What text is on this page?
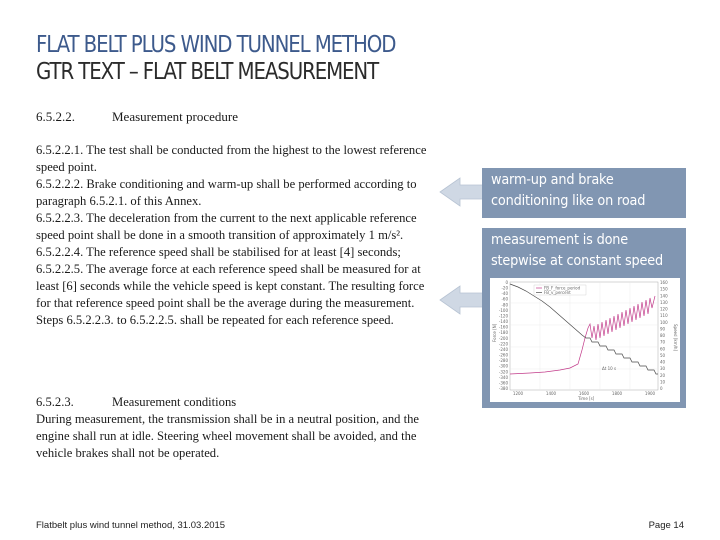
FLAT BELT PLUS WIND TUNNEL METHOD
GTR TEXT – FLAT BELT MEASUREMENT
6.5.2.2.	Measurement procedure

6.5.2.2.1. The test shall be conducted from the highest to the lowest reference speed point.

6.5.2.2.2. Brake conditioning and warm-up shall be performed according to paragraph 6.5.2.1. of this Annex.

6.5.2.2.3. The deceleration from the current to the next applicable reference speed point shall be done in a smooth transition of approximately 1 m/s².

6.5.2.2.4. The reference speed shall be stabilised for at least [4] seconds;

6.5.2.2.5. The average force at each reference speed shall be measured for at least [6] seconds while the vehicle speed is kept constant. The resulting force for that reference speed point shall be the average during the measurement.

Steps 6.5.2.2.3. to 6.5.2.2.5. shall be repeated for each reference speed.

6.5.2.3.	Measurement conditions
During measurement, the transmission shall be in a neutral position, and the engine shall run at idle. Steering wheel movement shall be avoided, and the vehicle brakes shall not be operated.
warm-up and brake conditioning like on road
measurement is done stepwise at constant speed
Δt 10 s
FB_F_force_period
FB_v_percent
Force [N]	Speed [km/h]
Time [s]
0
-20
-40
-60
-80
-100
-120
-140
-160
-180
-200
-220
-240
-260
-280
-300
-320
-340
-360
-380
160
150
140
130
120
110
100
90
80
70
60
50
40
30
20
10
0
1200	1400	1600	1800	1900
Flatbelt plus wind tunnel method, 31.03.2015	Page 14
